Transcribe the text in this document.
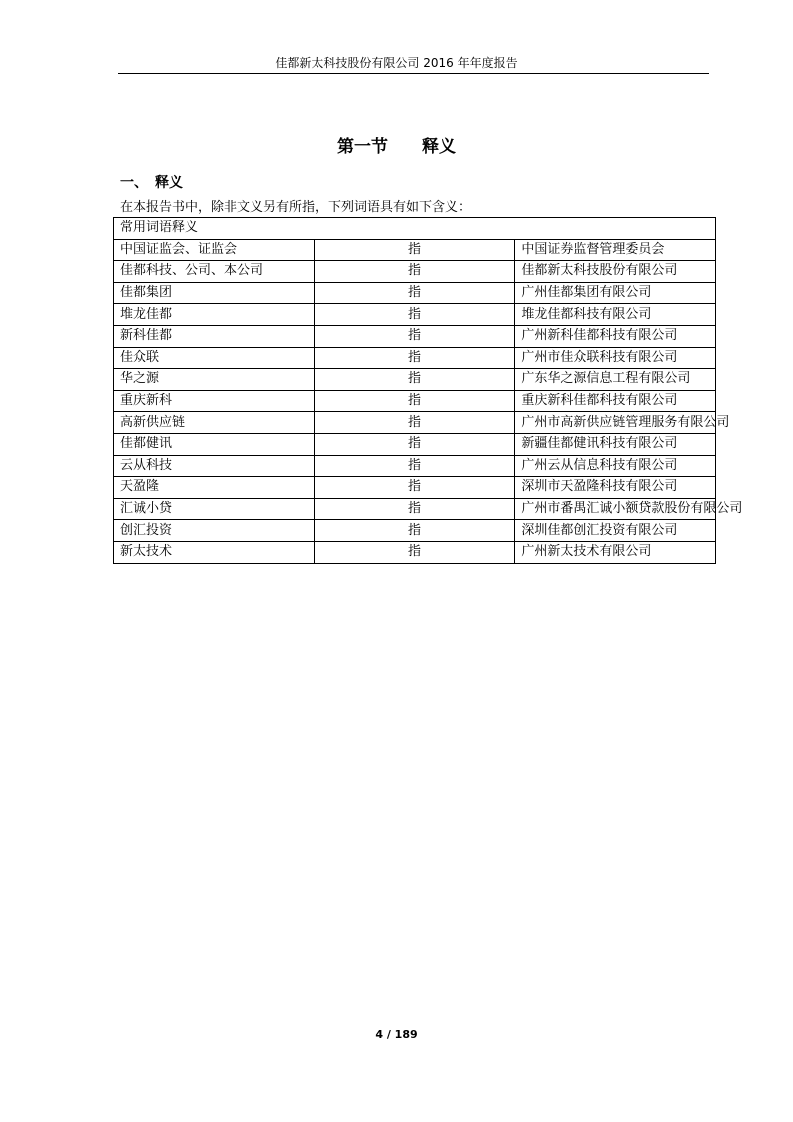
佳都新太科技股份有限公司 2016 年年度报告
第一节　　释义
一、　释义
在本报告书中，除非文义另有所指，下列词语具有如下含义：
常用词语释义		
中国证监会、证监会	指	中国证券监督管理委员会
佳都科技、公司、本公司	指	佳都新太科技股份有限公司
佳都集团	指	广州佳都集团有限公司
堆龙佳都	指	堆龙佳都科技有限公司
新科佳都	指	广州新科佳都科技有限公司
佳众联	指	广州市佳众联科技有限公司
华之源	指	广东华之源信息工程有限公司
重庆新科	指	重庆新科佳都科技有限公司
高新供应链	指	广州市高新供应链管理服务有限公司
佳都健讯	指	新疆佳都健讯科技有限公司
云从科技	指	广州云从信息科技有限公司
天盈隆	指	深圳市天盈隆科技有限公司
汇诚小贷	指	广州市番禺汇诚小额贷款股份有限公司
创汇投资	指	深圳佳都创汇投资有限公司
新太技术	指	广州新太技术有限公司
4 / 189
